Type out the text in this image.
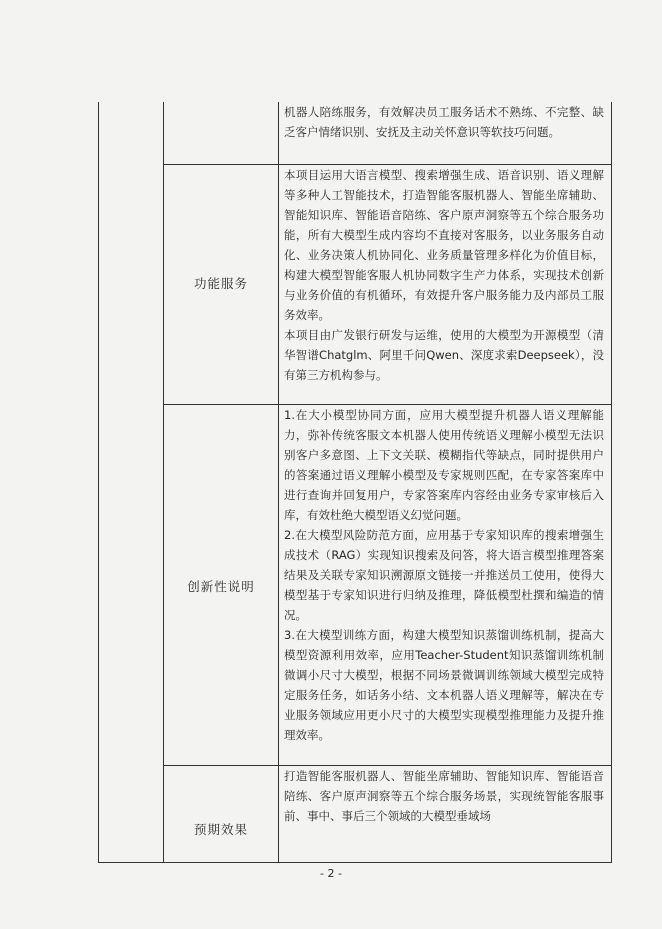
机器人陪练服务，有效解决员工服务话术不熟练、不完整、缺乏客户情绪识别、安抚及主动关怀意识等软技巧问题。

功能服务

本项目运用大语言模型、搜索增强生成、语音识别、语义理解等多种人工智能技术，打造智能客服机器人、智能坐席辅助、智能知识库、智能语音陪练、客户原声洞察等五个综合服务功能，所有大模型生成内容均不直接对客服务，以业务服务自动化、业务决策人机协同化、业务质量管理多样化为价值目标，构建大模型智能客服人机协同数字生产力体系，实现技术创新与业务价值的有机循环，有效提升客户服务能力及内部员工服务效率。

本项目由广发银行研发与运维，使用的大模型为开源模型（清华智谱Chatglm、阿里千问Qwen、深度求索Deepseek），没有第三方机构参与。

创新性说明

1.在大小模型协同方面，应用大模型提升机器人语义理解能力，弥补传统客服文本机器人使用传统语义理解小模型无法识别客户多意图、上下文关联、模糊指代等缺点，同时提供用户的答案通过语义理解小模型及专家规则匹配，在专家答案库中进行查询并回复用户，专家答案库内容经由业务专家审核后入库，有效杜绝大模型语义幻觉问题。

2.在大模型风险防范方面，应用基于专家知识库的搜索增强生成技术（RAG）实现知识搜索及问答，将大语言模型推理答案结果及关联专家知识溯源原文链接一并推送员工使用，使得大模型基于专家知识进行归纳及推理，降低模型杜撰和编造的情况。

3.在大模型训练方面，构建大模型知识蒸馏训练机制，提高大模型资源利用效率，应用Teacher-Student知识蒸馏训练机制微调小尺寸大模型，根据不同场景微调训练领域大模型完成特定服务任务，如话务小结、文本机器人语义理解等，解决在专业服务领域应用更小尺寸的大模型实现模型推理能力及提升推理效率。

预期效果

打造智能客服机器人、智能坐席辅助、智能知识库、智能语音陪练、客户原声洞察等五个综合服务场景，实现统智能客服事前、事中、事后三个领域的大模型垂域场

- 2 -
